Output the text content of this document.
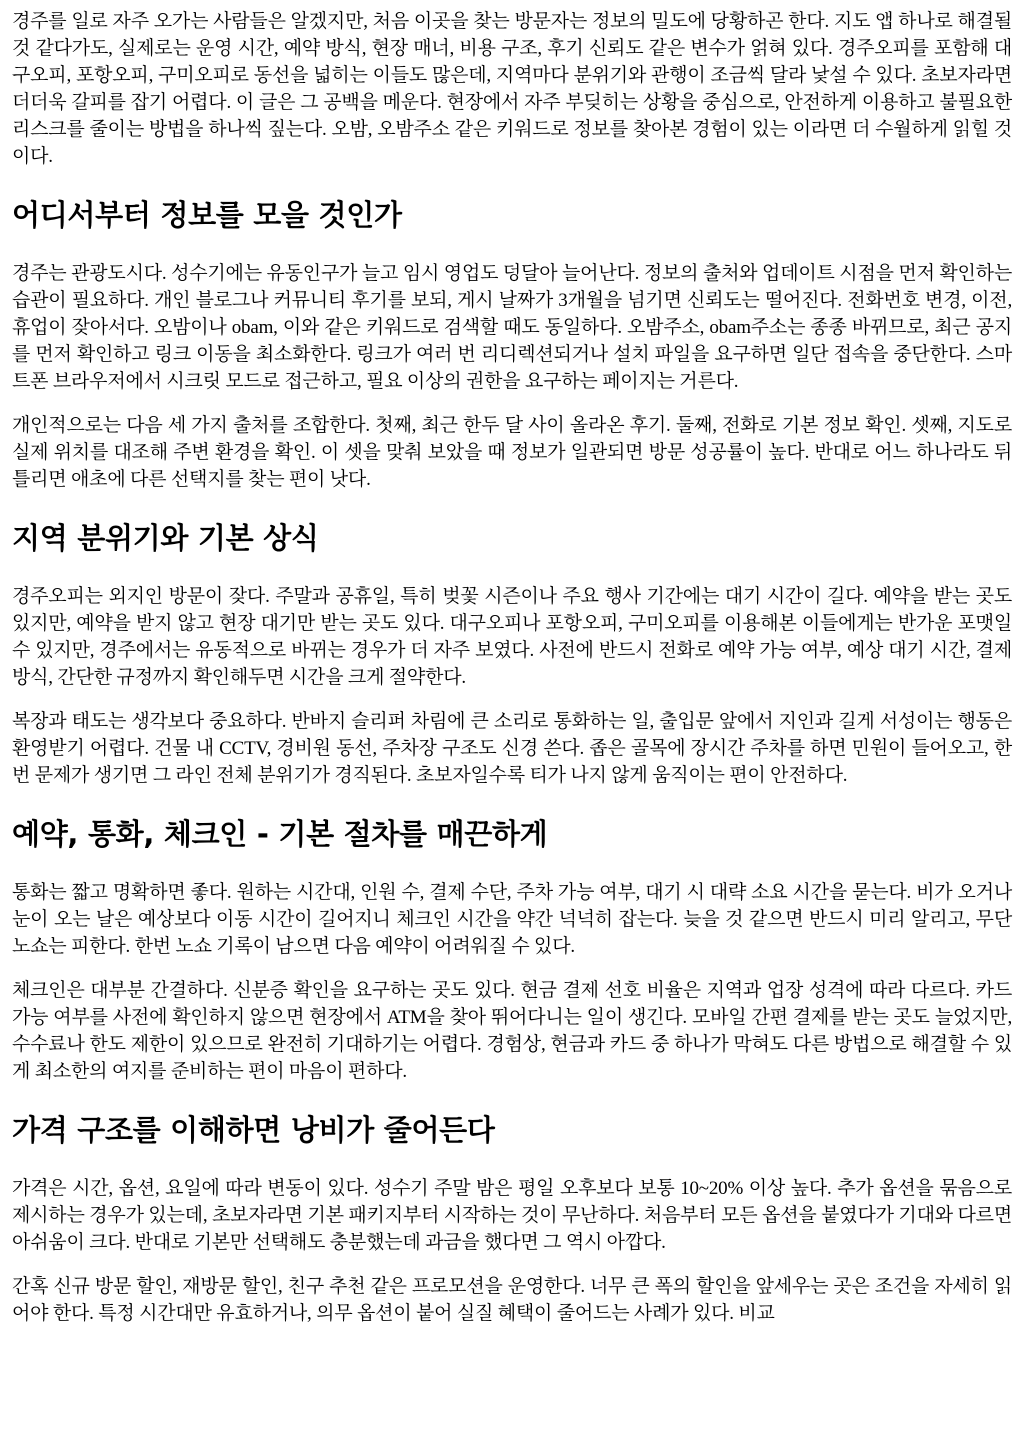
경주를 일로 자주 오가는 사람들은 알겠지만, 처음 이곳을 찾는 방문자는 정보의 밀도에 당황하곤 한다. 지도 앱 하나로 해결될 것 같다가도, 실제로는 운영 시간, 예약 방식, 현장 매너, 비용 구조, 후기 신뢰도 같은 변수가 얽혀 있다. 경주오피를 포함해 대구오피, 포항오피, 구미오피로 동선을 넓히는 이들도 많은데, 지역마다 분위기와 관행이 조금씩 달라 낯설 수 있다. 초보자라면 더더욱 갈피를 잡기 어렵다. 이 글은 그 공백을 메운다. 현장에서 자주 부딪히는 상황을 중심으로, 안전하게 이용하고 불필요한 리스크를 줄이는 방법을 하나씩 짚는다. 오밤, 오밤주소 같은 키워드로 정보를 찾아본 경험이 있는 이라면 더 수월하게 읽힐 것이다.

어디서부터 정보를 모을 것인가

경주는 관광도시다. 성수기에는 유동인구가 늘고 임시 영업도 덩달아 늘어난다. 정보의 출처와 업데이트 시점을 먼저 확인하는 습관이 필요하다. 개인 블로그나 커뮤니티 후기를 보되, 게시 날짜가 3개월을 넘기면 신뢰도는 떨어진다. 전화번호 변경, 이전, 휴업이 잦아서다. 오밤이나 obam, 이와 같은 키워드로 검색할 때도 동일하다. 오밤주소, obam주소는 종종 바뀌므로, 최근 공지를 먼저 확인하고 링크 이동을 최소화한다. 링크가 여러 번 리디렉션되거나 설치 파일을 요구하면 일단 접속을 중단한다. 스마트폰 브라우저에서 시크릿 모드로 접근하고, 필요 이상의 권한을 요구하는 페이지는 거른다.

개인적으로는 다음 세 가지 출처를 조합한다. 첫째, 최근 한두 달 사이 올라온 후기. 둘째, 전화로 기본 정보 확인. 셋째, 지도로 실제 위치를 대조해 주변 환경을 확인. 이 셋을 맞춰 보았을 때 정보가 일관되면 방문 성공률이 높다. 반대로 어느 하나라도 뒤틀리면 애초에 다른 선택지를 찾는 편이 낫다.

지역 분위기와 기본 상식

경주오피는 외지인 방문이 잦다. 주말과 공휴일, 특히 벚꽃 시즌이나 주요 행사 기간에는 대기 시간이 길다. 예약을 받는 곳도 있지만, 예약을 받지 않고 현장 대기만 받는 곳도 있다. 대구오피나 포항오피, 구미오피를 이용해본 이들에게는 반가운 포맷일 수 있지만, 경주에서는 유동적으로 바뀌는 경우가 더 자주 보였다. 사전에 반드시 전화로 예약 가능 여부, 예상 대기 시간, 결제 방식, 간단한 규정까지 확인해두면 시간을 크게 절약한다.

복장과 태도는 생각보다 중요하다. 반바지 슬리퍼 차림에 큰 소리로 통화하는 일, 출입문 앞에서 지인과 길게 서성이는 행동은 환영받기 어렵다. 건물 내 CCTV, 경비원 동선, 주차장 구조도 신경 쓴다. 좁은 골목에 장시간 주차를 하면 민원이 들어오고, 한 번 문제가 생기면 그 라인 전체 분위기가 경직된다. 초보자일수록 티가 나지 않게 움직이는 편이 안전하다.

예약, 통화, 체크인 - 기본 절차를 매끈하게

통화는 짧고 명확하면 좋다. 원하는 시간대, 인원 수, 결제 수단, 주차 가능 여부, 대기 시 대략 소요 시간을 묻는다. 비가 오거나 눈이 오는 날은 예상보다 이동 시간이 길어지니 체크인 시간을 약간 넉넉히 잡는다. 늦을 것 같으면 반드시 미리 알리고, 무단 노쇼는 피한다. 한번 노쇼 기록이 남으면 다음 예약이 어려워질 수 있다.

체크인은 대부분 간결하다. 신분증 확인을 요구하는 곳도 있다. 현금 결제 선호 비율은 지역과 업장 성격에 따라 다르다. 카드 가능 여부를 사전에 확인하지 않으면 현장에서 ATM을 찾아 뛰어다니는 일이 생긴다. 모바일 간편 결제를 받는 곳도 늘었지만, 수수료나 한도 제한이 있으므로 완전히 기대하기는 어렵다. 경험상, 현금과 카드 중 하나가 막혀도 다른 방법으로 해결할 수 있게 최소한의 여지를 준비하는 편이 마음이 편하다.

가격 구조를 이해하면 낭비가 줄어든다

가격은 시간, 옵션, 요일에 따라 변동이 있다. 성수기 주말 밤은 평일 오후보다 보통 10~20% 이상 높다. 추가 옵션을 묶음으로 제시하는 경우가 있는데, 초보자라면 기본 패키지부터 시작하는 것이 무난하다. 처음부터 모든 옵션을 붙였다가 기대와 다르면 아쉬움이 크다. 반대로 기본만 선택해도 충분했는데 과금을 했다면 그 역시 아깝다.

간혹 신규 방문 할인, 재방문 할인, 친구 추천 같은 프로모션을 운영한다. 너무 큰 폭의 할인을 앞세우는 곳은 조건을 자세히 읽어야 한다. 특정 시간대만 유효하거나, 의무 옵션이 붙어 실질 혜택이 줄어드는 사례가 있다. 비교
